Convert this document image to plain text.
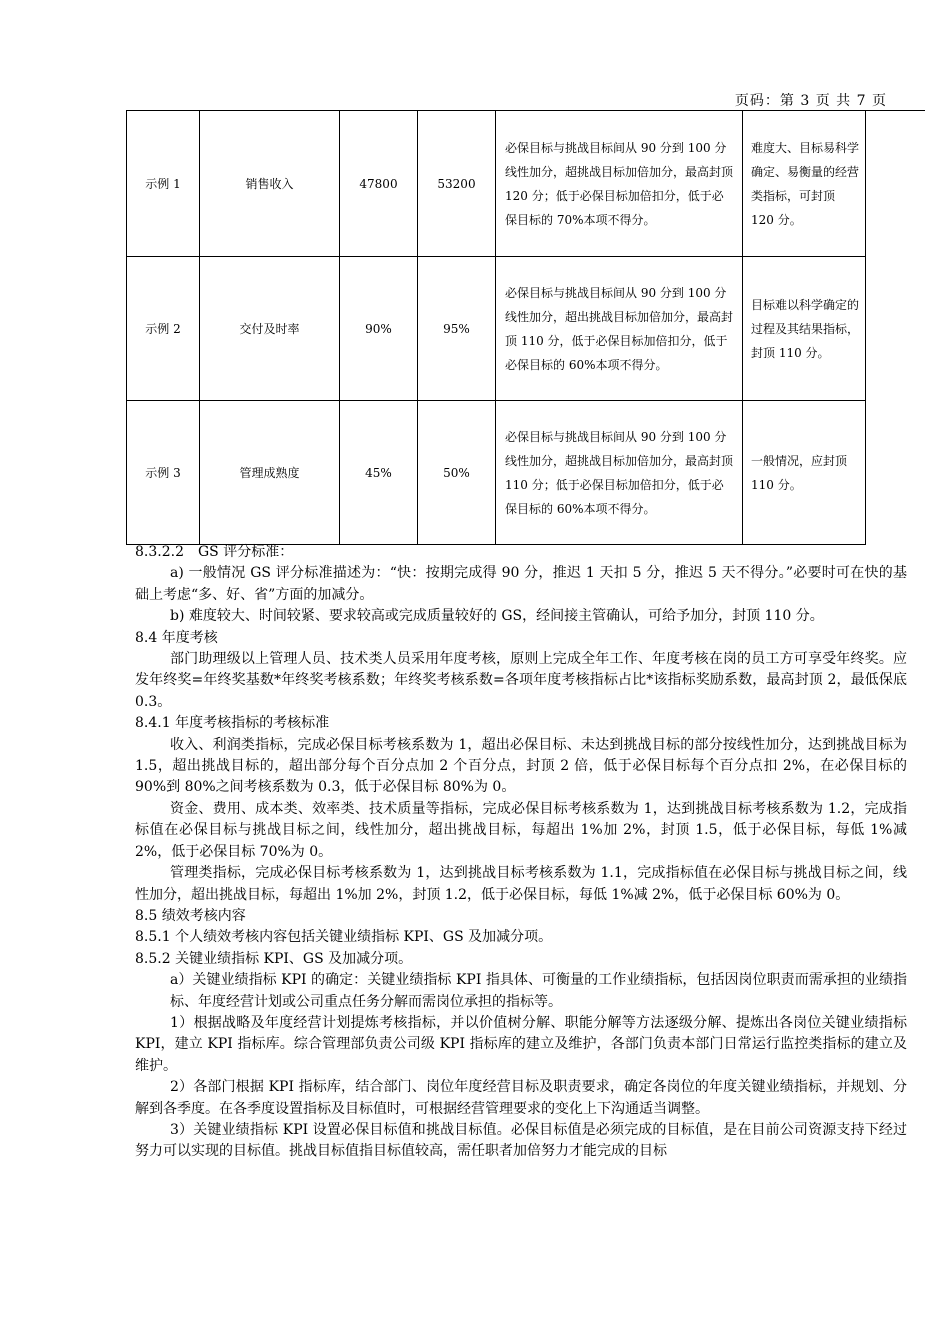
页码：第 3 页 共 7 页
示例 1	销售收入	47800	53200	必保目标与挑战目标间从 90 分到 100 分线性加分，超挑战目标加倍加分，最高封顶 120 分；低于必保目标加倍扣分，低于必保目标的 70%本项不得分。	难度大、目标易科学确定、易衡量的经营类指标，可封顶 120 分。
示例 2	交付及时率	90%	95%	必保目标与挑战目标间从 90 分到 100 分线性加分，超出挑战目标加倍加分，最高封顶 110 分，低于必保目标加倍扣分，低于必保目标的 60%本项不得分。	目标难以科学确定的过程及其结果指标，封顶 110 分。
示例 3	管理成熟度	45%	50%	必保目标与挑战目标间从 90 分到 100 分线性加分，超挑战目标加倍加分，最高封顶 110 分；低于必保目标加倍扣分，低于必保目标的 60%本项不得分。	一般情况，应封顶 110 分。

8.3.2.2　GS 评分标准：

a) 一般情况 GS 评分标准描述为：“快：按期完成得 90 分，推迟 1 天扣 5 分，推迟 5 天不得分。”必要时可在快的基础上考虑“多、好、省”方面的加减分。

b) 难度较大、时间较紧、要求较高或完成质量较好的 GS，经间接主管确认，可给予加分，封顶 110 分。

8.4 年度考核

部门助理级以上管理人员、技术类人员采用年度考核，原则上完成全年工作、年度考核在岗的员工方可享受年终奖。应发年终奖=年终奖基数*年终奖考核系数；年终奖考核系数=各项年度考核指标占比*该指标奖励系数，最高封顶 2，最低保底 0.3。

8.4.1 年度考核指标的考核标准

收入、利润类指标，完成必保目标考核系数为 1，超出必保目标、未达到挑战目标的部分按线性加分，达到挑战目标为 1.5，超出挑战目标的，超出部分每个百分点加 2 个百分点，封顶 2 倍，低于必保目标每个百分点扣 2%，在必保目标的 90%到 80%之间考核系数为 0.3，低于必保目标 80%为 0。

资金、费用、成本类、效率类、技术质量等指标，完成必保目标考核系数为 1，达到挑战目标考核系数为 1.2，完成指标值在必保目标与挑战目标之间，线性加分，超出挑战目标，每超出 1%加 2%，封顶 1.5，低于必保目标，每低 1%减 2%，低于必保目标 70%为 0。

管理类指标，完成必保目标考核系数为 1，达到挑战目标考核系数为 1.1，完成指标值在必保目标与挑战目标之间，线性加分，超出挑战目标，每超出 1%加 2%，封顶 1.2，低于必保目标，每低 1%减 2%，低于必保目标 60%为 0。

8.5 绩效考核内容

8.5.1 个人绩效考核内容包括关键业绩指标 KPI、GS 及加减分项。

8.5.2 关键业绩指标 KPI、GS 及加减分项。

a）关键业绩指标 KPI 的确定：关键业绩指标 KPI 指具体、可衡量的工作业绩指标，包括因岗位职责而需承担的业绩指标、年度经营计划或公司重点任务分解而需岗位承担的指标等。

1）根据战略及年度经营计划提炼考核指标，并以价值树分解、职能分解等方法逐级分解、提炼出各岗位关键业绩指标 KPI，建立 KPI 指标库。综合管理部负责公司级 KPI 指标库的建立及维护，各部门负责本部门日常运行监控类指标的建立及维护。

2）各部门根据 KPI 指标库，结合部门、岗位年度经营目标及职责要求，确定各岗位的年度关键业绩指标，并规划、分解到各季度。在各季度设置指标及目标值时，可根据经营管理要求的变化上下沟通适当调整。

3）关键业绩指标 KPI 设置必保目标值和挑战目标值。必保目标值是必须完成的目标值，是在目前公司资源支持下经过努力可以实现的目标值。挑战目标值指目标值较高，需任职者加倍努力才能完成的目标
